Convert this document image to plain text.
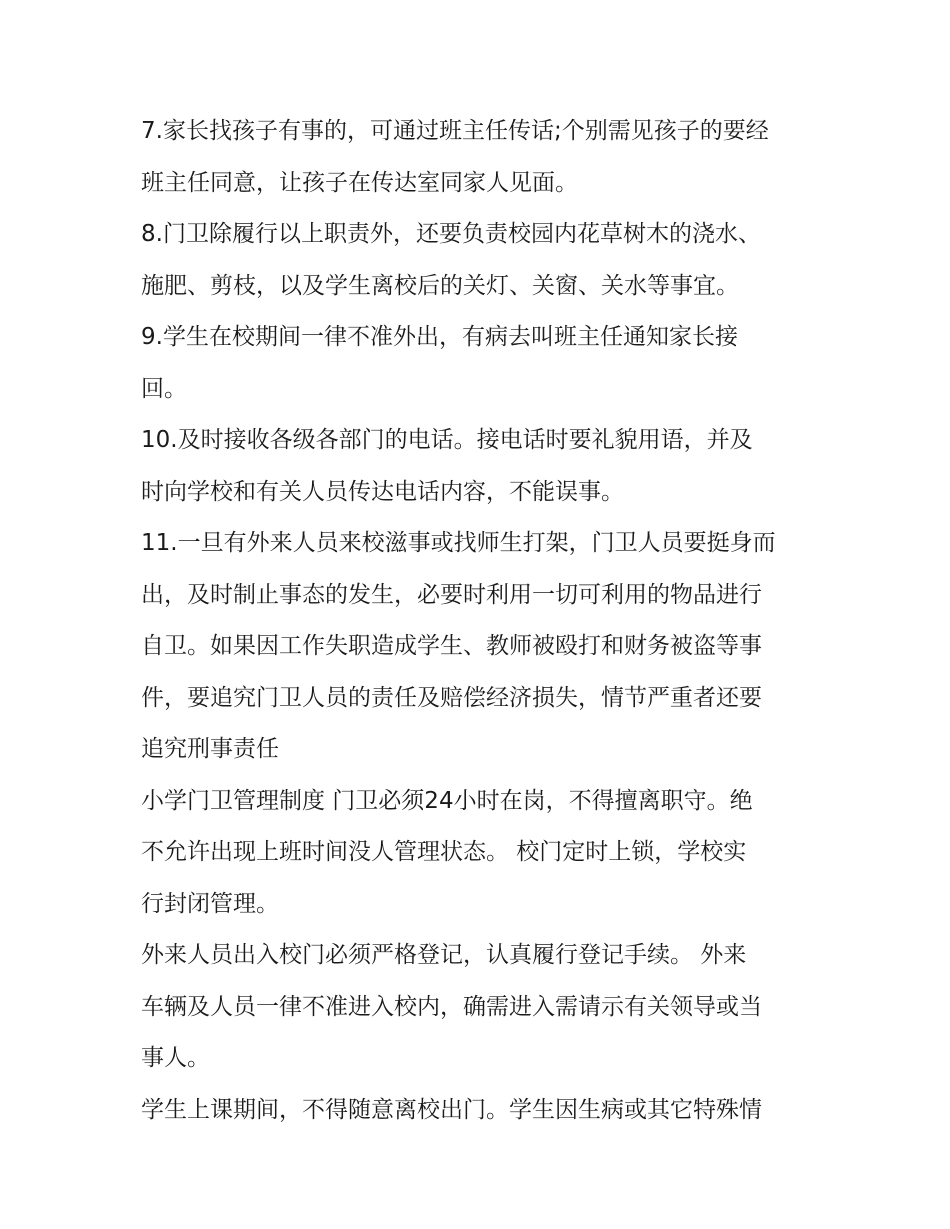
7.家长找孩子有事的，可通过班主任传话;个别需见孩子的要经
班主任同意，让孩子在传达室同家人见面。
8.门卫除履行以上职责外，还要负责校园内花草树木的浇水、
施肥、剪枝，以及学生离校后的关灯、关窗、关水等事宜。
9.学生在校期间一律不准外出，有病去叫班主任通知家长接
回。
10.及时接收各级各部门的电话。接电话时要礼貌用语，并及
时向学校和有关人员传达电话内容，不能误事。
11.一旦有外来人员来校滋事或找师生打架，门卫人员要挺身而
出，及时制止事态的发生，必要时利用一切可利用的物品进行
自卫。如果因工作失职造成学生、教师被殴打和财务被盗等事
件，要追究门卫人员的责任及赔偿经济损失，情节严重者还要
追究刑事责任
小学门卫管理制度 门卫必须24小时在岗，不得擅离职守。绝
不允许出现上班时间没人管理状态。 校门定时上锁，学校实
行封闭管理。
外来人员出入校门必须严格登记，认真履行登记手续。 外来
车辆及人员一律不准进入校内，确需进入需请示有关领导或当
事人。
学生上课期间，不得随意离校出门。学生因生病或其它特殊情
